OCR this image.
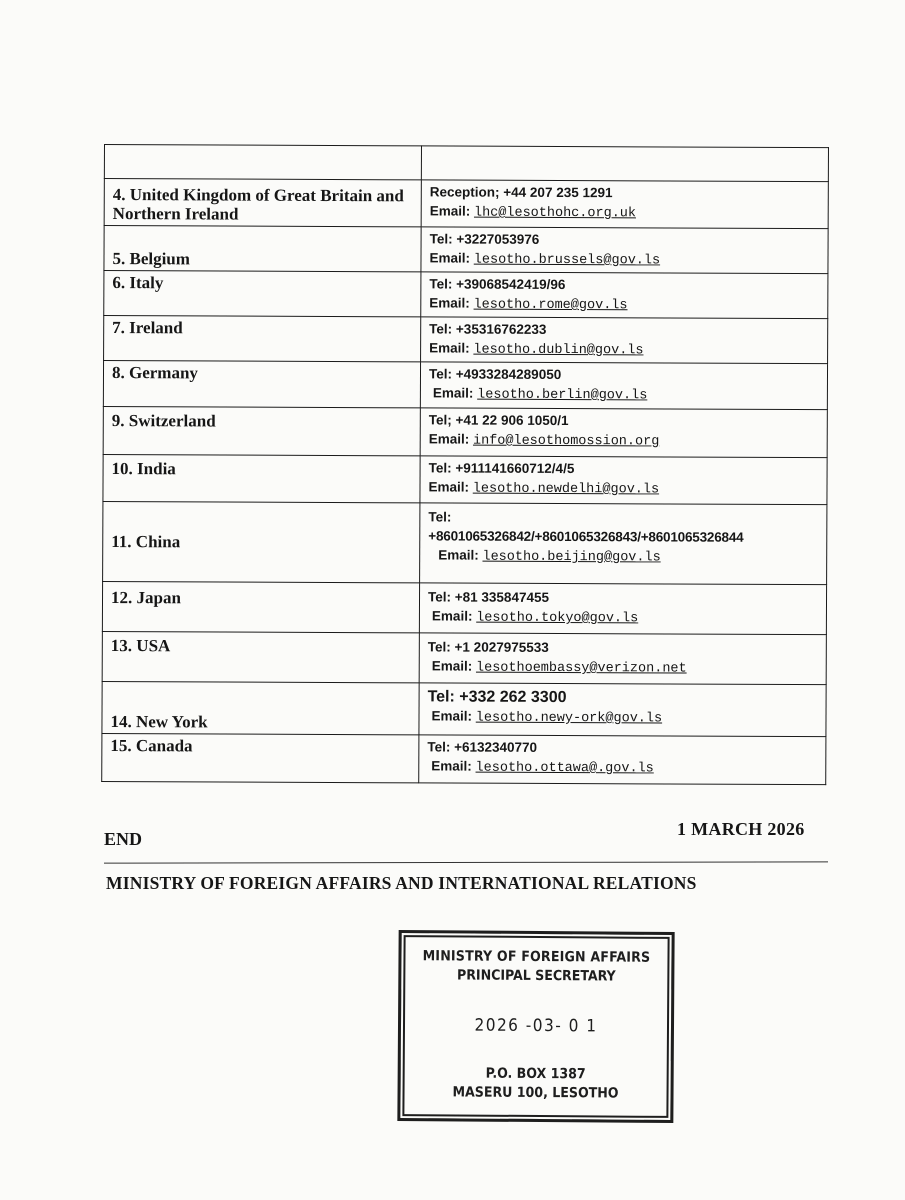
4. United Kingdom of Great Britain and Northern Ireland	Reception; +44 207 235 1291
Email: lhc@lesothohc.org.uk

5. Belgium	Tel: +3227053976
Email: lesotho.brussels@gov.ls

6. Italy	Tel: +39068542419/96
Email: lesotho.rome@gov.ls

7. Ireland	Tel: +35316762233
Email: lesotho.dublin@gov.ls

8. Germany	Tel: +4933284289050
Email: lesotho.berlin@gov.ls

9. Switzerland	Tel; +41 22 906 1050/1
Email: info@lesothomossion.org

10. India	Tel: +911141660712/4/5
Email: lesotho.newdelhi@gov.ls

11. China	Tel:
+8601065326842/+8601065326843/+8601065326844
Email: lesotho.beijing@gov.ls

12. Japan	Tel: +81 335847455
Email: lesotho.tokyo@gov.ls

13. USA	Tel: +1 2027975533
Email: lesothoembassy@verizon.net

14. New York	Tel: +332 262 3300
Email: lesotho.newy-ork@gov.ls

15. Canada	Tel: +6132340770
Email: lesotho.ottawa@.gov.ls
END	1 MARCH 2026
MINISTRY OF FOREIGN AFFAIRS AND INTERNATIONAL RELATIONS
MINISTRY OF FOREIGN AFFAIRS
PRINCIPAL SECRETARY
2026 -03- 0 1
P.O. BOX 1387
MASERU 100, LESOTHO
